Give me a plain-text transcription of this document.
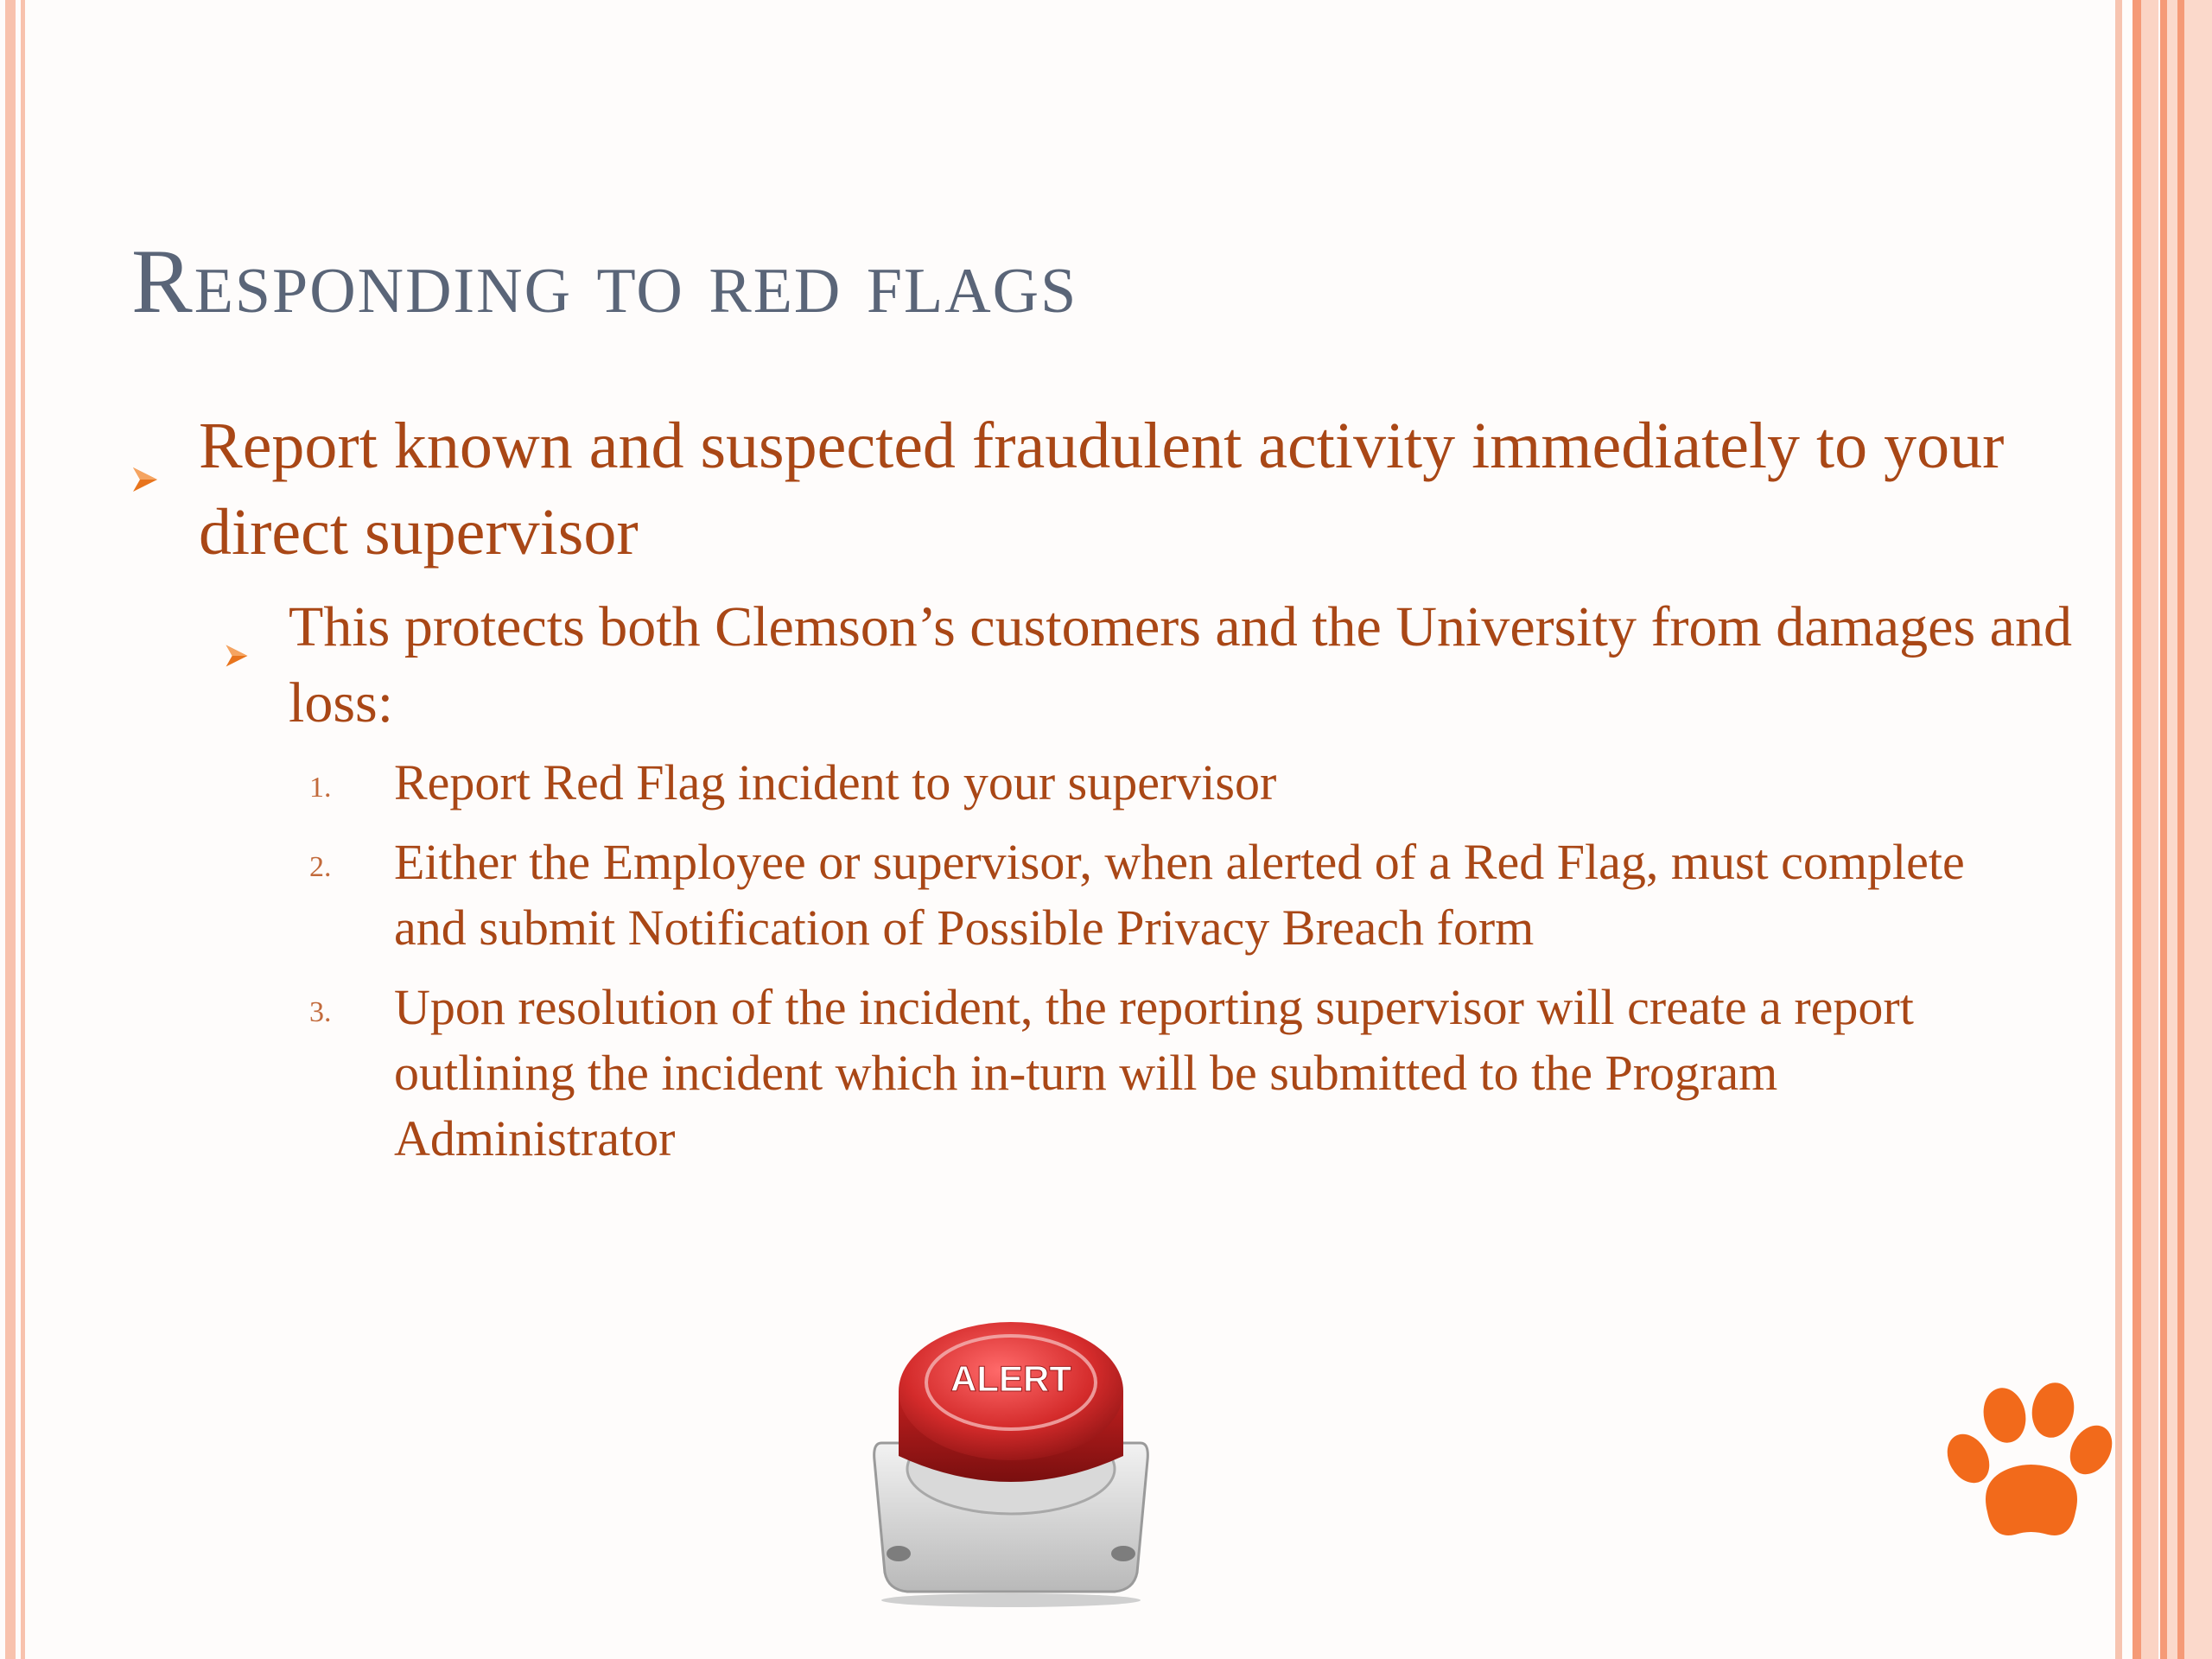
Responding to red flags
Report known and suspected fraudulent activity immediately to your direct supervisor
This protects both Clemson’s customers and the University from damages and loss:
1. Report Red Flag incident to your supervisor
2. Either the Employee or supervisor, when alerted of a Red Flag, must complete and submit Notification of Possible Privacy Breach form
3. Upon resolution of the incident, the reporting supervisor will create a report outlining the incident which in-turn will be submitted to the Program Administrator
ALERT
